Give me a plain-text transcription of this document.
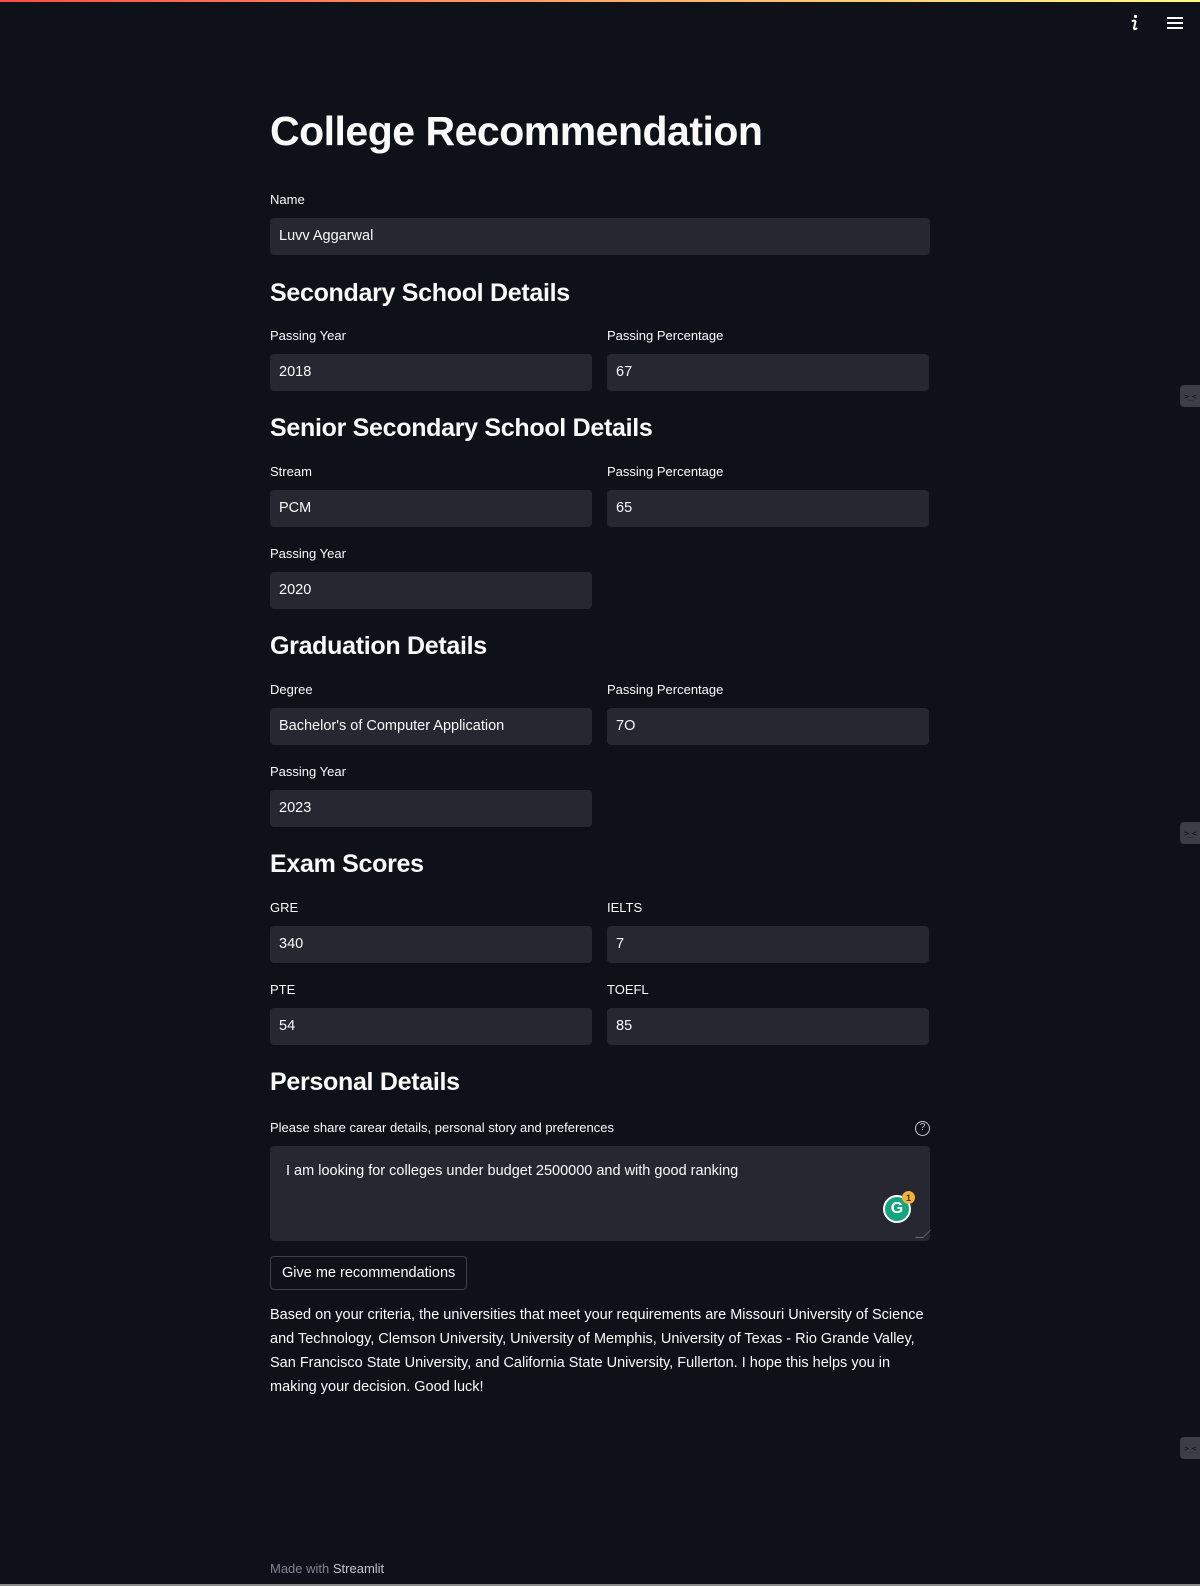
College Recommendation
Name
Luvv Aggarwal
Secondary School Details
Passing Year	Passing Percentage
2018	67
Senior Secondary School Details
Stream	Passing Percentage
PCM	65
Passing Year
2020
Graduation Details
Degree	Passing Percentage
Bachelor's of Computer Application	7O
Passing Year
2023
Exam Scores
GRE	IELTS
340	7
PTE	TOEFL
54	85
Personal Details
Please share carear details, personal story and preferences	?
I am looking for colleges under budget 2500000 and with good ranking
G
1
Give me recommendations

Based on your criteria, the universities that meet your requirements are Missouri University of Science and Technology, Clemson University, University of Memphis, University of Texas - Rio Grande Valley, San Francisco State University, and California State University, Fullerton. I hope this helps you in making your decision. Good luck!

Made with Streamlit
>_<
>_<
>_<
